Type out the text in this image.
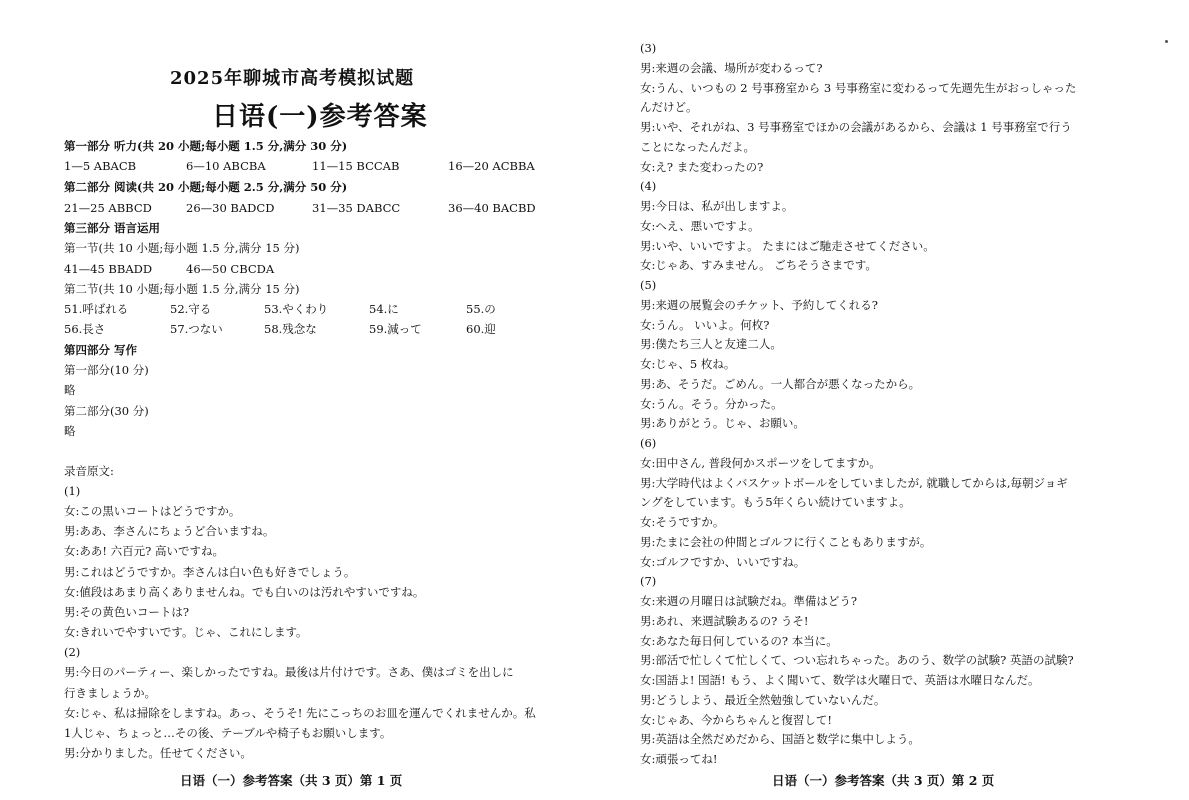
2025年聊城市高考模拟试题
日语(一)参考答案
第一部分 听力(共 20 小题;每小题 1.5 分,满分 30 分)
1—5 ABACB	6—10 ABCBA	11—15 BCCAB	16—20 ACBBA
第二部分 阅读(共 20 小题;每小题 2.5 分,满分 50 分)
21—25 ABBCD	26—30 BADCD	31—35 DABCC	36—40 BACBD
第三部分 语言运用
第一节(共 10 小题;每小题 1.5 分,满分 15 分)
41—45 BBADD	46—50 CBCDA
第二节(共 10 小题;每小题 1.5 分,满分 15 分)
51.呼ばれる	52.守る	53.やくわり	54.に	55.の
56.長さ	57.つない	58.残念な	59.減って	60.迎
第四部分 写作
第一部分(10 分)
略
第二部分(30 分)
略
录音原文:
(1)
女:この黒いコートはどうですか。
男:ああ、李さんにちょうど合いますね。
女:ああ! 六百元? 高いですね。
男:これはどうですか。李さんは白い色も好きでしょう。
女:値段はあまり高くありませんね。でも白いのは汚れやすいですね。
男:その黄色いコートは?
女:きれいでやすいです。じゃ、これにします。
(2)
男:今日のパーティー、楽しかったですね。最後は片付けです。さあ、僕はゴミを出しに
行きましょうか。
女:じゃ、私は掃除をしますね。あっ、そうそ! 先にこっちのお皿を運んでくれませんか。私
1人じゃ、ちょっと…その後、テーブルや椅子もお願いします。
男:分かりました。任せてください。
日语（一）参考答案（共 3 页）第 1 页
(3)
男:来週の会議、場所が変わるって?
女:うん、いつもの 2 号事務室から 3 号事務室に変わるって先週先生がおっしゃった
んだけど。
男:いや、それがね、3 号事務室でほかの会議があるから、会議は 1 号事務室で行う
ことになったんだよ。
女:え? また変わったの?
(4)
男:今日は、私が出しますよ。
女:へえ、悪いですよ。
男:いや、いいですよ。 たまにはご馳走させてください。
女:じゃあ、すみません。 ごちそうさまです。
(5)
男:来週の展覧会のチケット、予約してくれる?
女:うん。 いいよ。何枚?
男:僕たち三人と友達二人。
女:じゃ、5 枚ね。
男:あ、そうだ。ごめん。一人都合が悪くなったから。
女:うん。そう。分かった。
男:ありがとう。じゃ、お願い。
(6)
女:田中さん, 普段何かスポーツをしてますか。
男:大学時代はよくバスケットボールをしていましたが, 就職してからは,毎朝ジョギ
ングをしています。もう5年くらい続けていますよ。
女:そうですか。
男:たまに会社の仲間とゴルフに行くこともありますが。
女:ゴルフですか、いいですね。
(7)
女:来週の月曜日は試験だね。準備はどう?
男:あれ、来週試験あるの? うそ!
女:あなた毎日何しているの? 本当に。
男:部活で忙しくて忙しくて、つい忘れちゃった。あのう、数学の試験? 英語の試験?
女:国語よ! 国語! もう、よく聞いて、数学は火曜日で、英語は水曜日なんだ。
男:どうしよう、最近全然勉強していないんだ。
女:じゃあ、今からちゃんと復習して!
男:英語は全然だめだから、国語と数学に集中しよう。
女:頑張ってね!
日语（一）参考答案（共 3 页）第 2 页
